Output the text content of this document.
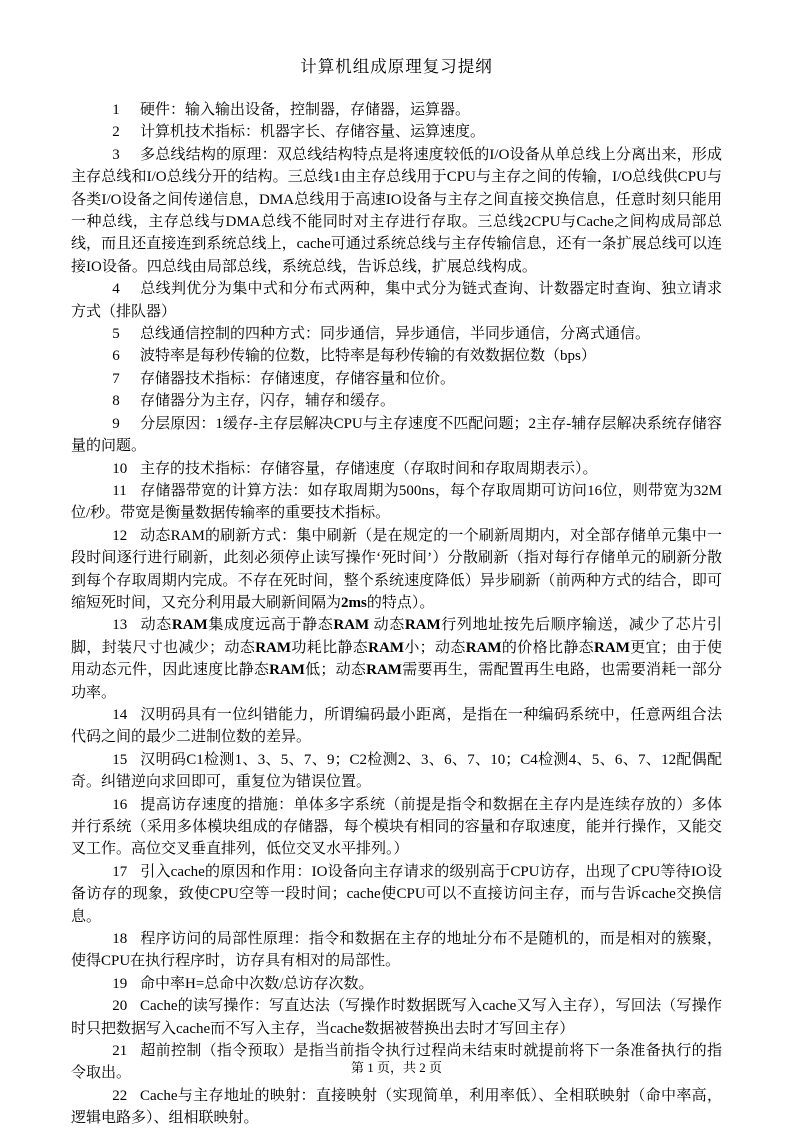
计算机组成原理复习提纲

1 硬件：输入输出设备，控制器，存储器，运算器。

2 计算机技术指标：机器字长、存储容量、运算速度。

3 多总线结构的原理：双总线结构特点是将速度较低的I/O设备从单总线上分离出来，形成主存总线和I/O总线分开的结构。三总线1由主存总线用于CPU与主存之间的传输，I/O总线供CPU与各类I/O设备之间传递信息，DMA总线用于高速IO设备与主存之间直接交换信息，任意时刻只能用一种总线，主存总线与DMA总线不能同时对主存进行存取。三总线2CPU与Cache之间构成局部总线，而且还直接连到系统总线上，cache可通过系统总线与主存传输信息，还有一条扩展总线可以连接IO设备。四总线由局部总线，系统总线，告诉总线，扩展总线构成。

4 总线判优分为集中式和分布式两种，集中式分为链式查询、计数器定时查询、独立请求方式（排队器）

5 总线通信控制的四种方式：同步通信，异步通信，半同步通信，分离式通信。

6 波特率是每秒传输的位数，比特率是每秒传输的有效数据位数（bps）

7 存储器技术指标：存储速度，存储容量和位价。

8 存储器分为主存，闪存，辅存和缓存。

9 分层原因：1缓存-主存层解决CPU与主存速度不匹配问题；2主存-辅存层解决系统存储容量的问题。

10 主存的技术指标：存储容量，存储速度（存取时间和存取周期表示）。

11 存储器带宽的计算方法：如存取周期为500ns，每个存取周期可访问16位，则带宽为32M位/秒。带宽是衡量数据传输率的重要技术指标。

12 动态RAM的刷新方式：集中刷新（是在规定的一个刷新周期内，对全部存储单元集中一段时间逐行进行刷新，此刻必须停止读写操作‘死时间’）分散刷新（指对每行存储单元的刷新分散到每个存取周期内完成。不存在死时间，整个系统速度降低）异步刷新（前两种方式的结合，即可缩短死时间，又充分利用最大刷新间隔为2ms的特点）。

13 动态RAM集成度远高于静态RAM 动态RAM行列地址按先后顺序输送，减少了芯片引脚，封装尺寸也减少；动态RAM功耗比静态RAM小；动态RAM的价格比静态RAM更宜；由于使用动态元件，因此速度比静态RAM低；动态RAM需要再生，需配置再生电路，也需要消耗一部分功率。

14 汉明码具有一位纠错能力，所谓编码最小距离，是指在一种编码系统中，任意两组合法代码之间的最少二进制位数的差异。

15 汉明码C1检测1、3、5、7、9；C2检测2、3、6、7、10；C4检测4、5、6、7、12配偶配奇。纠错逆向求回即可，重复位为错误位置。

16 提高访存速度的措施：单体多字系统（前提是指令和数据在主存内是连续存放的）多体并行系统（采用多体模块组成的存储器，每个模块有相同的容量和存取速度，能并行操作，又能交叉工作。高位交叉垂直排列，低位交叉水平排列。）

17 引入cache的原因和作用：IO设备向主存请求的级别高于CPU访存，出现了CPU等待IO设备访存的现象，致使CPU空等一段时间；cache使CPU可以不直接访问主存，而与告诉cache交换信息。

18 程序访问的局部性原理：指令和数据在主存的地址分布不是随机的，而是相对的簇聚，使得CPU在执行程序时，访存具有相对的局部性。

19 命中率H=总命中次数/总访存次数。

20 Cache的读写操作：写直达法（写操作时数据既写入cache又写入主存），写回法（写操作时只把数据写入cache而不写入主存，当cache数据被替换出去时才写回主存）

21 超前控制（指令预取）是指当前指令执行过程尚未结束时就提前将下一条准备执行的指令取出。

22 Cache与主存地址的映射：直接映射（实现简单，利用率低）、全相联映射（命中率高，逻辑电路多）、组相联映射。

第 1 页，共 2 页
